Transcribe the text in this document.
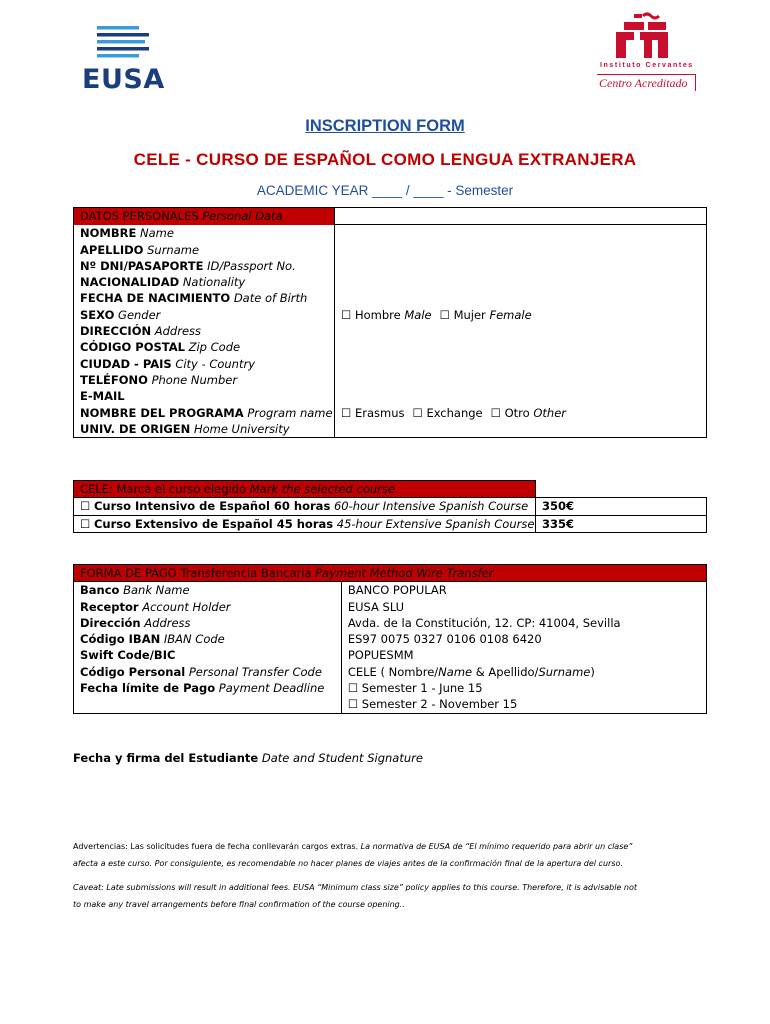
EUSA	Instituto Cervantes
Centro Acreditado
INSCRIPTION FORM
CELE - CURSO DE ESPAÑOL COMO LENGUA EXTRANJERA
ACADEMIC YEAR ____ / ____ - Semester
DATOS PERSONALES Personal Data	
NOMBRE Name	
APELLIDO Surname	
Nº DNI/PASAPORTE ID/Passport No.	
NACIONALIDAD Nationality	
FECHA DE NACIMIENTO Date of Birth	
SEXO Gender	☐ Hombre Male ☐ Mujer Female
DIRECCIÓN Address	
CÓDIGO POSTAL Zip Code	
CIUDAD - PAIS City - Country	
TELÉFONO Phone Number	
E-MAIL	
NOMBRE DEL PROGRAMA Program name	☐ Erasmus ☐ Exchange ☐ Otro Other
UNIV. DE ORIGEN Home University	
CELE: Marca el curso elegido Mark the selected course	
☐ Curso Intensivo de Español 60 horas 60-hour Intensive Spanish Course	350€
☐ Curso Extensivo de Español 45 horas 45-hour Extensive Spanish Course	335€
FORMA DE PAGO Transferencia Bancaria Payment Method Wire Transfer	
Banco Bank Name	BANCO POPULAR
Receptor Account Holder	EUSA SLU
Dirección Address	Avda. de la Constitución, 12. CP: 41004, Sevilla
Código IBAN IBAN Code	ES97 0075 0327 0106 0108 6420
Swift Code/BIC	POPUESMM
Código Personal Personal Transfer Code	CELE ( Nombre/Name & Apellido/Surname)
Fecha límite de Pago Payment Deadline	☐ Semester 1 - June 15
	☐ Semester 2 - November 15
Fecha y firma del Estudiante Date and Student Signature
Advertencias: Las solicitudes fuera de fecha conllevarán cargos extras. La normativa de EUSA de “El mínimo requerido para abrir un clase”
afecta a este curso. Por consiguiente, es recomendable no hacer planes de viajes antes de la confirmación final de la apertura del curso.
Caveat: Late submissions will result in additional fees. EUSA “Minimum class size” policy applies to this course. Therefore, it is advisable not
to make any travel arrangements before final confirmation of the course opening..
